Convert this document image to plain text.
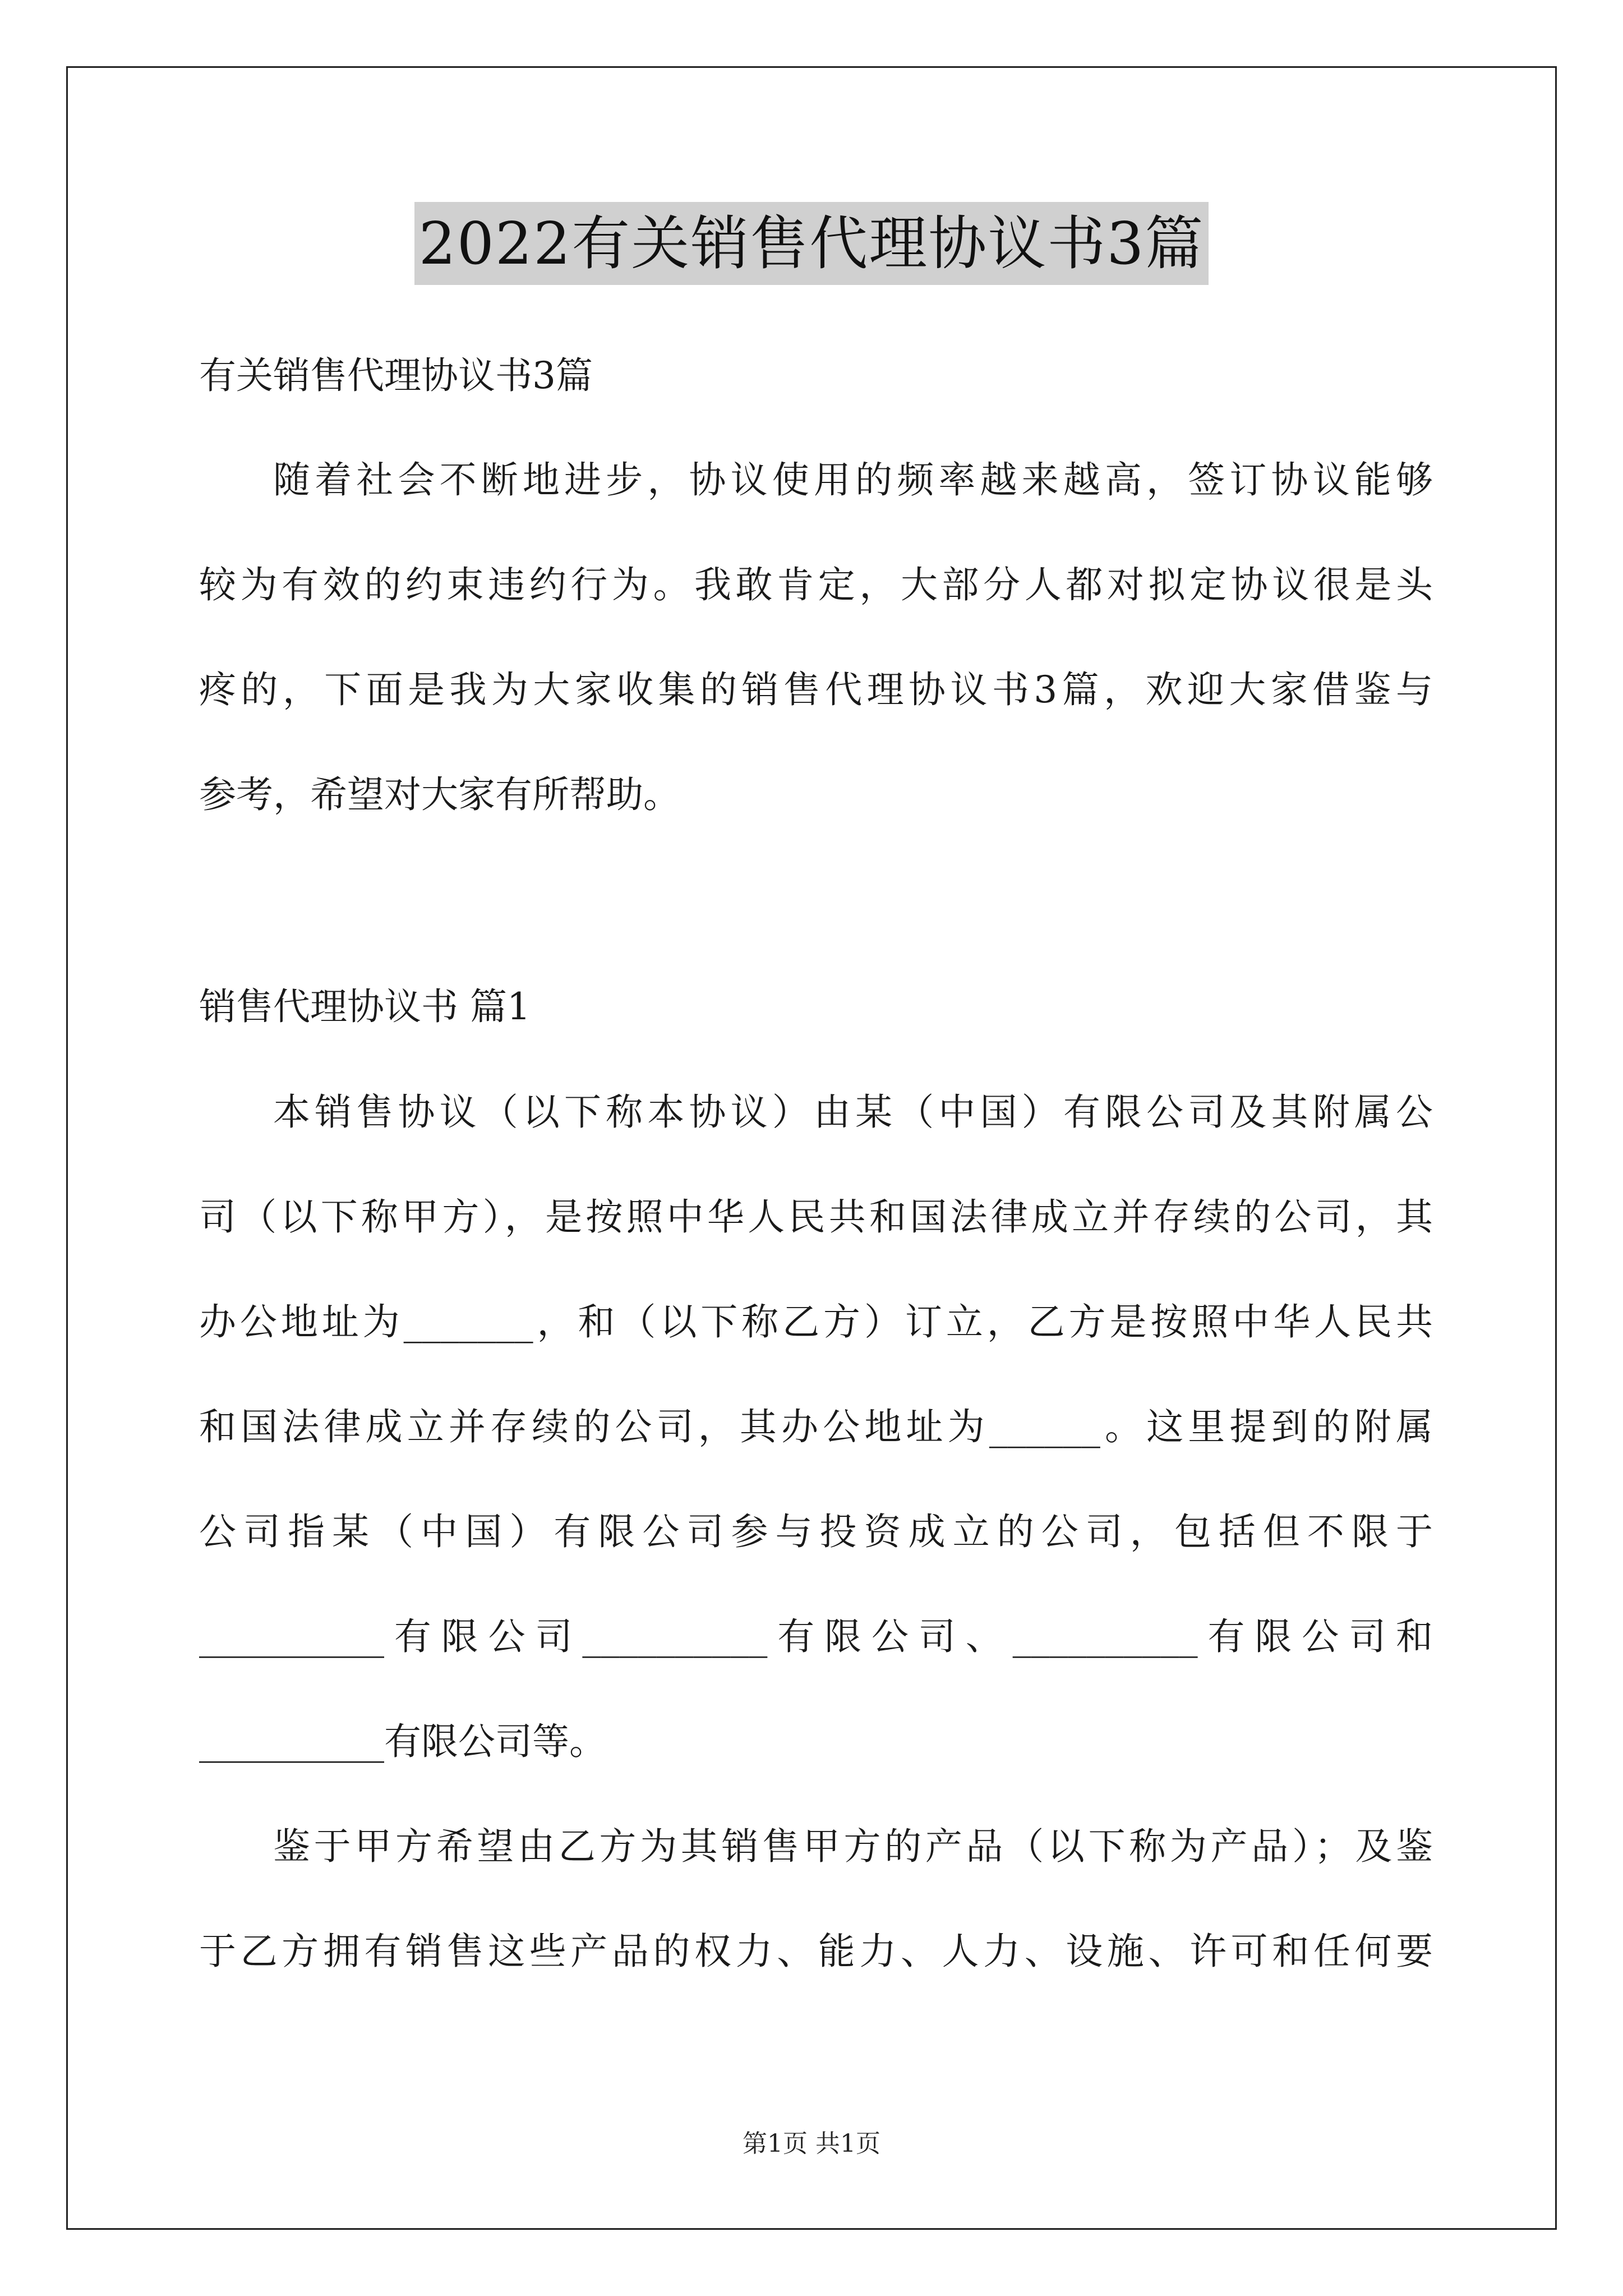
2022有关销售代理协议书3篇
有关销售代理协议书3篇
随着社会不断地进步，协议使用的频率越来越高，签订协议能够
较为有效的约束违约行为。我敢肯定，大部分人都对拟定协议很是头
疼的，下面是我为大家收集的销售代理协议书3篇，欢迎大家借鉴与
参考，希望对大家有所帮助。
销售代理协议书 篇1
本销售协议（以下称本协议）由某（中国）有限公司及其附属公
司（以下称甲方），是按照中华人民共和国法律成立并存续的公司，其
办公地址为_______，和（以下称乙方）订立，乙方是按照中华人民共
和国法律成立并存续的公司，其办公地址为______。这里提到的附属
公司指某（中国）有限公司参与投资成立的公司，包括但不限于
__________有限公司__________有限公司、__________有限公司和
__________有限公司等。
鉴于甲方希望由乙方为其销售甲方的产品（以下称为产品）；及鉴
于乙方拥有销售这些产品的权力、能力、人力、设施、许可和任何要
第1页 共1页
